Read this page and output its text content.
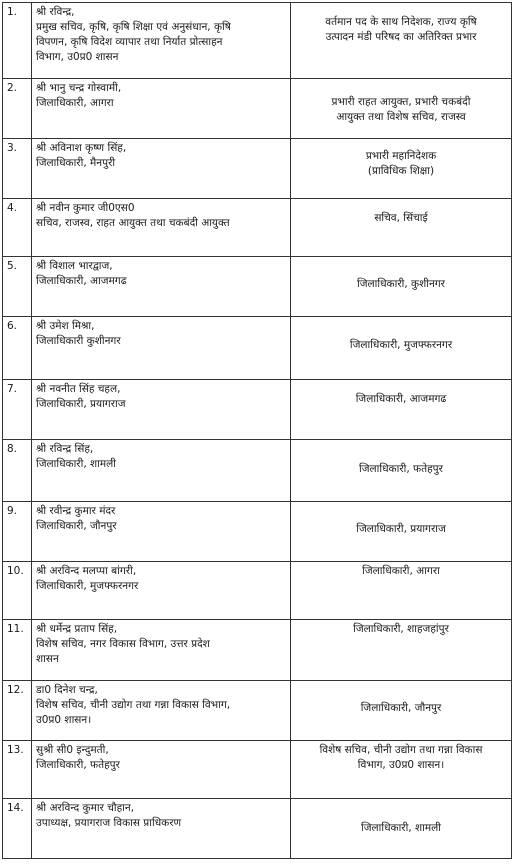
1.	श्री रविन्द्र,
प्रमुख सचिव, कृषि, कृषि शिक्षा एवं अनुसंधान, कृषि
विपणन, कृषि विदेश व्यापार तथा निर्यात प्रोत्साहन
विभाग, उ0प्र0 शासन	वर्तमान पद के साथ निदेशक, राज्य कृषि
उत्पादन मंडी परिषद का अतिरिक्त प्रभार

2.	श्री भानु चन्द्र गोस्वामी,
जिलाधिकारी, आगरा	प्रभारी राहत आयुक्त, प्रभारी चकबंदी
आयुक्त तथा विशेष सचिव, राजस्व

3.	श्री अविनाश कृष्ण सिंह,
जिलाधिकारी, मैनपुरी	प्रभारी महानिदेशक
(प्राविधिक शिक्षा)

4.	श्री नवीन कुमार जी0एस0
सचिव, राजस्व, राहत आयुक्त तथा चकबंदी आयुक्त	सचिव, सिंचाई

5.	श्री विशाल भारद्वाज,
जिलाधिकारी, आजमगढ	जिलाधिकारी, कुशीनगर

6.	श्री उमेश मिश्रा,
जिलाधिकारी कुशीनगर	जिलाधिकारी, मुजफ्फरनगर

7.	श्री नवनीत सिंह चहल,
जिलाधिकारी, प्रयागराज	जिलाधिकारी, आजमगढ

8.	श्री रविन्द्र सिंह,
जिलाधिकारी, शामली	जिलाधिकारी, फतेहपुर

9.	श्री रवीन्द्र कुमार मंदर
जिलाधिकारी, जौनपुर	जिलाधिकारी, प्रयागराज

10.	श्री अरविन्द मलप्पा बांगरी,
जिलाधिकारी, मुजफ्फरनगर	जिलाधिकारी, आगरा

11.	श्री धर्मेन्द्र प्रताप सिंह,
विशेष सचिव, नगर विकास विभाग, उत्तर प्रदेश
शासन	जिलाधिकारी, शाहजहांपुर

12.	डा0 दिनेश चन्द्र,
विशेष सचिव, चीनी उद्योग तथा गन्ना विकास विभाग,
उ0प्र0 शासन।	जिलाधिकारी, जौनपुर

13.	सुश्री सी0 इन्दुमती,
जिलाधिकारी, फतेहपुर	विशेष सचिव, चीनी उद्योग तथा गन्ना विकास
विभाग, उ0प्र0 शासन।

14.	श्री अरविन्द कुमार चौहान,
उपाध्यक्ष, प्रयागराज विकास प्राधिकरण	जिलाधिकारी, शामली
